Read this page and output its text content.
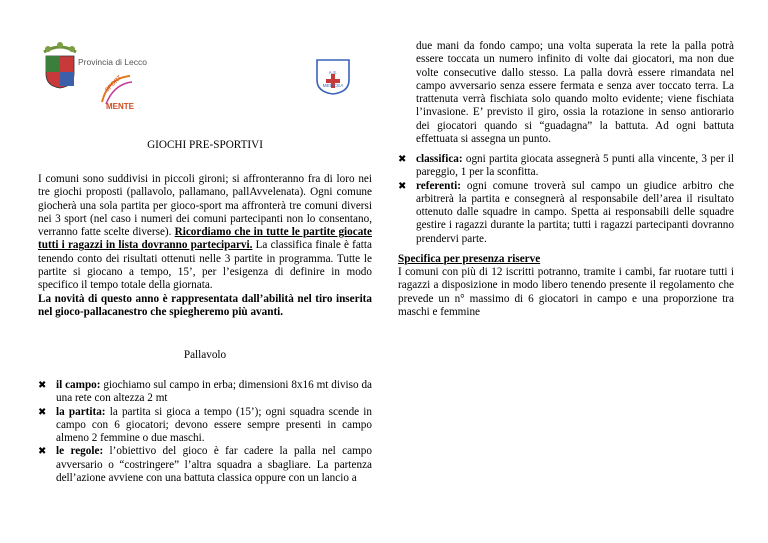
Provincia di Lecco
SPORT
MENTE
A.S. MEDICEA
GIOCHI PRE-SPORTIVI
I comuni sono suddivisi in piccoli gironi; si affronteranno fra di loro nei tre giochi proposti (pallavolo, pallamano, pallAvvelenata). Ogni comune giocherà una sola partita per gioco-sport ma affronterà tre comuni diversi nei 3 sport (nel caso i numeri dei comuni partecipanti non lo consentano, verranno fatte scelte diverse). Ricordiamo che in tutte le partite giocate tutti i ragazzi in lista dovranno parteciparvi. La classifica finale è fatta tenendo conto dei risultati ottenuti nelle 3 partite in programma. Tutte le partite si giocano a tempo, 15’, per l’esigenza di definire in modo specifico il tempo totale della giornata.
La novità di questo anno è rappresentata dall’abilità nel tiro inserita nel gioco-pallacanestro che spiegheremo più avanti.
Pallavolo
✖ il campo: giochiamo sul campo in erba; dimensioni 8x16 mt diviso da una rete con altezza 2 mt
✖ la partita: la partita si gioca a tempo (15’); ogni squadra scende in campo con 6 giocatori; devono essere sempre presenti in campo almeno 2 femmine o due maschi.
✖ le regole: l’obiettivo del gioco è far cadere la palla nel campo avversario o “costringere” l’altra squadra a sbagliare. La partenza dell’azione avviene con una battuta classica oppure con un lancio a
due mani da fondo campo; una volta superata la rete la palla potrà essere toccata un numero infinito di volte dai giocatori, ma non due volte consecutive dallo stesso. La palla dovrà essere rimandata nel campo avversario senza essere fermata e senza aver toccato terra. La trattenuta verrà fischiata solo quando molto evidente; viene fischiata l’invasione. E’ previsto il giro, ossia la rotazione in senso antiorario dei giocatori quando si “guadagna” la battuta. Ad ogni battuta effettuata si assegna un punto.
✖ classifica: ogni partita giocata assegnerà 5 punti alla vincente, 3 per il pareggio, 1 per la sconfitta.
✖ referenti: ogni comune troverà sul campo un giudice arbitro che arbitrerà la partita e consegnerà al responsabile dell’area il risultato ottenuto dalle squadre in campo. Spetta ai responsabili delle squadre gestire i ragazzi durante la partita; tutti i ragazzi partecipanti dovranno prendervi parte.
Specifica per presenza riserve
I comuni con più di 12 iscritti potranno, tramite i cambi, far ruotare tutti i ragazzi a disposizione in modo libero tenendo presente il regolamento che prevede un n° massimo di 6 giocatori in campo e una proporzione tra maschi e femmine
